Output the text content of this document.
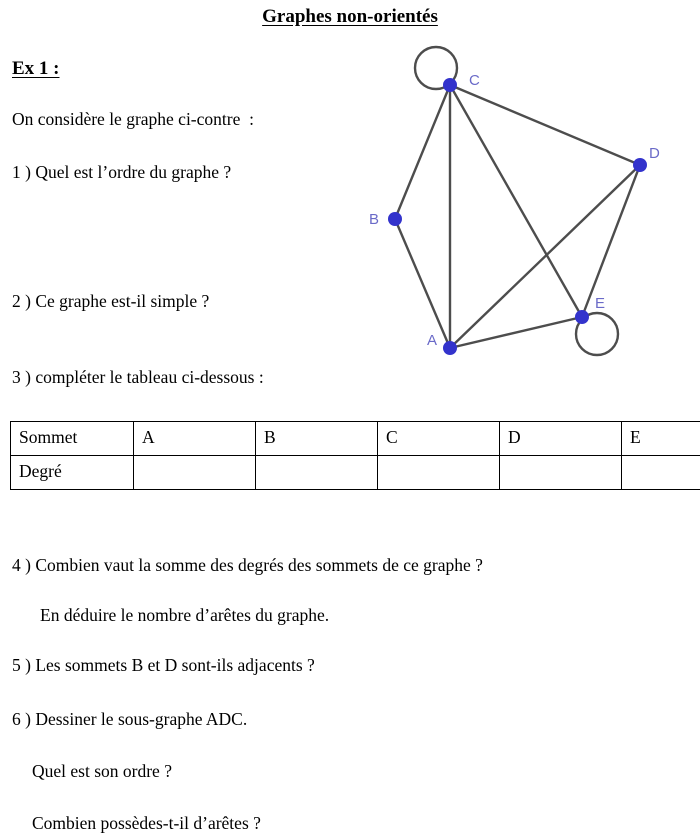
Graphes non-orientés
Ex 1 :
On considère le graphe ci-contre  :
1 ) Quel est l’ordre du graphe ?
2 ) Ce graphe est-il simple ?
3 ) compléter le tableau ci-dessous :
A
B
C
D
E
Sommet	A	B	C	D	E
Degré					
4 ) Combien vaut la somme des degrés des sommets de ce graphe ?
En déduire le nombre d’arêtes du graphe.
5 ) Les sommets B et D sont-ils adjacents ?
6 ) Dessiner le sous-graphe ADC.
Quel est son ordre ?
Combien possèdes-t-il d’arêtes ?
